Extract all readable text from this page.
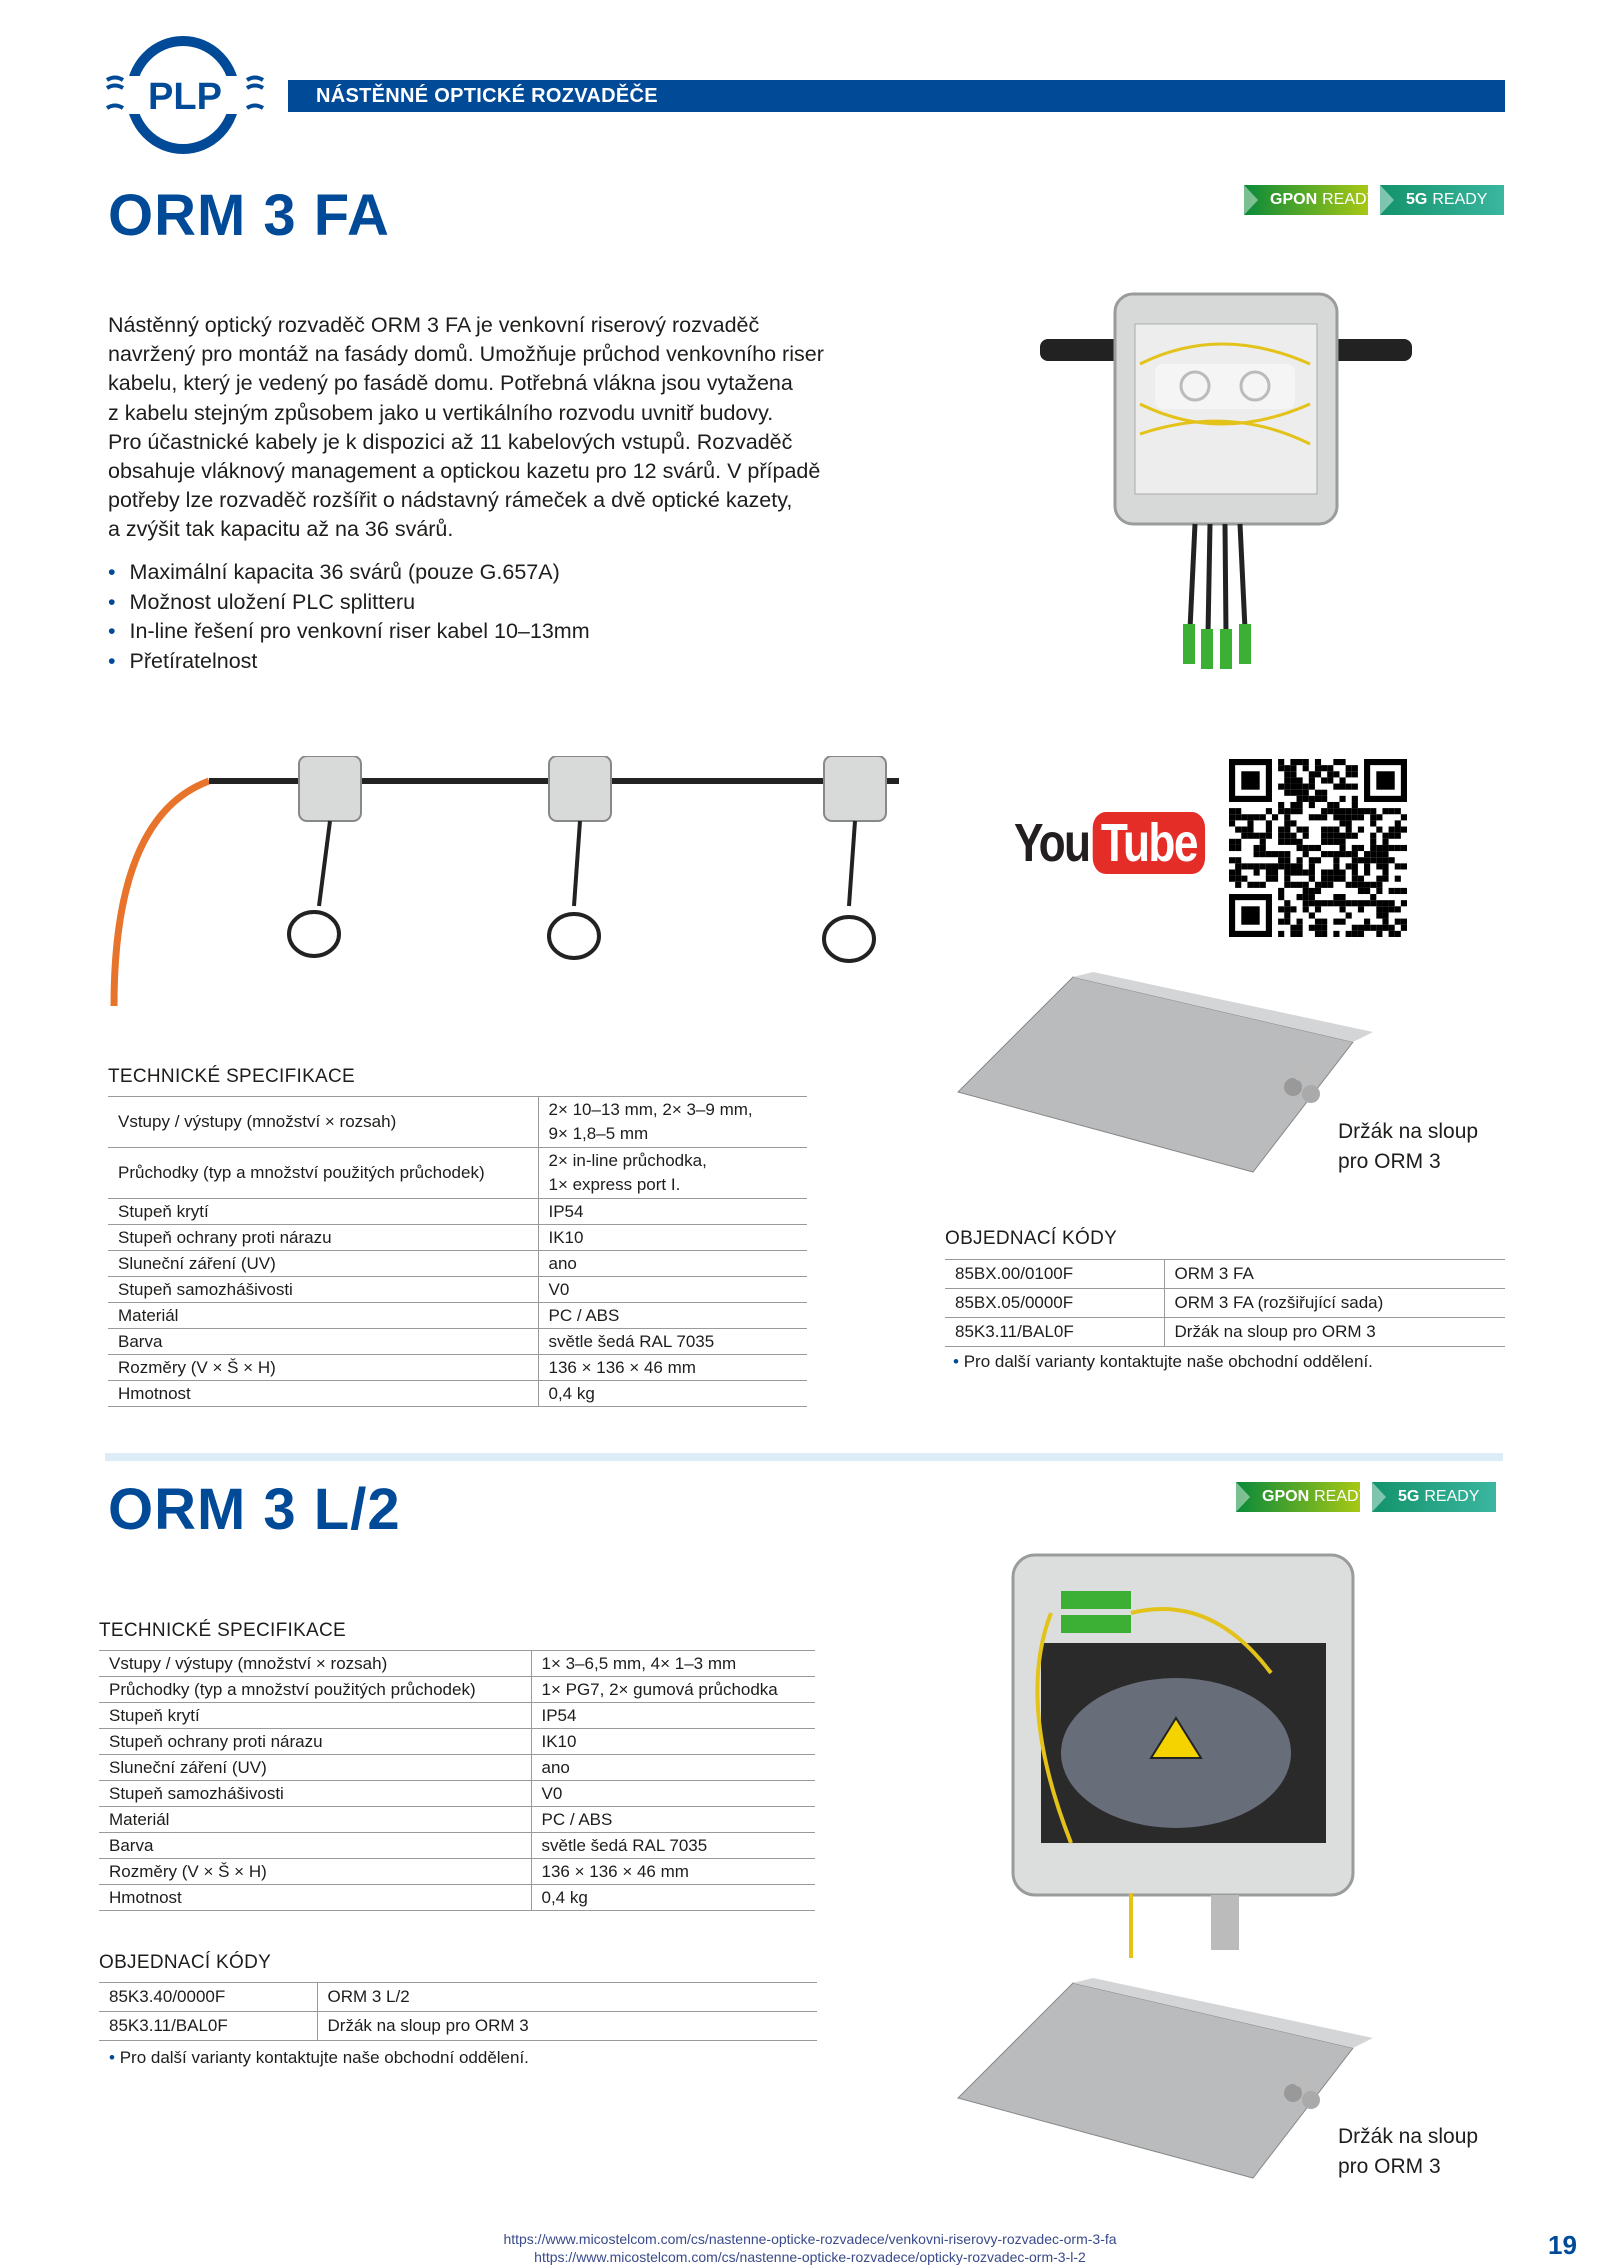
PLP	NÁSTĚNNÉ OPTICKÉ ROZVADĚČE
ORM 3 FA	GPON READY 5G READY
Nástěnný optický rozvaděč ORM 3 FA je venkovní riserový rozvaděč
navržený pro montáž na fasády domů. Umožňuje průchod venkovního riser
kabelu, který je vedený po fasádě domu. Potřebná vlákna jsou vytažena
z kabelu stejným způsobem jako u vertikálního rozvodu uvnitř budovy.
Pro účastnické kabely je k dispozici až 11 kabelových vstupů. Rozvaděč
obsahuje vláknový management a optickou kazetu pro 12 svárů. V případě
potřeby lze rozvaděč rozšířit o nádstavný rámeček a dvě optické kazety,
a zvýšit tak kapacitu až na 36 svárů.
• Maximální kapacita 36 svárů (pouze G.657A)
• Možnost uložení PLC splitteru
• In-line řešení pro venkovní riser kabel 10–13mm
• Přetíratelnost
You Tube
Držák na sloup
pro ORM 3
TECHNICKÉ SPECIFIKACE
Vstupy / výstupy (množství × rozsah)	2× 10–13 mm, 2× 3–9 mm,
9× 1,8–5 mm

Průchodky (typ a množství použitých průchodek)	2× in-line průchodka,
1× express port I.

Stupeň krytí	IP54

Stupeň ochrany proti nárazu	IK10

Sluneční záření (UV)	ano

Stupeň samozhášivosti	V0

Materiál	PC / ABS

Barva	světle šedá RAL 7035

Rozměry (V × Š × H)	136 × 136 × 46 mm

Hmotnost	0,4 kg
OBJEDNACÍ KÓDY
85BX.00/0100F	ORM 3 FA

85BX.05/0000F	ORM 3 FA (rozšiřující sada)

85K3.11/BAL0F	Držák na sloup pro ORM 3
• Pro další varianty kontaktujte naše obchodní oddělení.
ORM 3 L/2	GPON READY 5G READY
TECHNICKÉ SPECIFIKACE
Vstupy / výstupy (množství × rozsah)	1× 3–6,5 mm, 4× 1–3 mm

Průchodky (typ a množství použitých průchodek)	1× PG7, 2× gumová průchodka

Stupeň krytí	IP54

Stupeň ochrany proti nárazu	IK10

Sluneční záření (UV)	ano

Stupeň samozhášivosti	V0

Materiál	PC / ABS

Barva	světle šedá RAL 7035

Rozměry (V × Š × H)	136 × 136 × 46 mm

Hmotnost	0,4 kg
OBJEDNACÍ KÓDY
85K3.40/0000F	ORM 3 L/2

85K3.11/BAL0F	Držák na sloup pro ORM 3
• Pro další varianty kontaktujte naše obchodní oddělení.
Držák na sloup
pro ORM 3
https://www.micostelcom.com/cs/nastenne-opticke-rozvadece/venkovni-riserovy-rozvadec-orm-3-fa
https://www.micostelcom.com/cs/nastenne-opticke-rozvadece/opticky-rozvadec-orm-3-l-2	19
